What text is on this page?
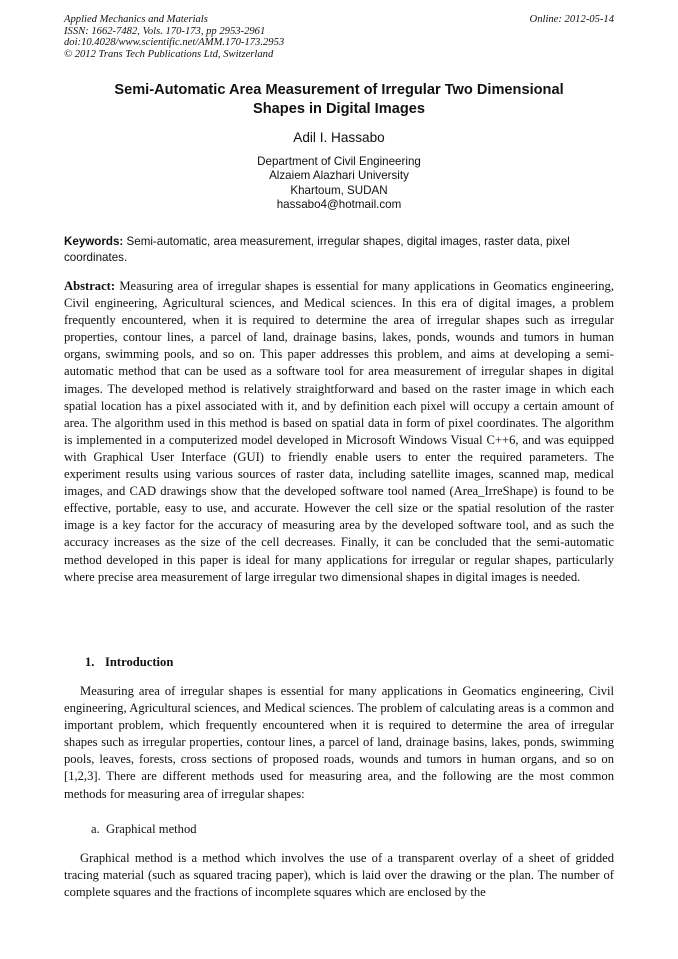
Applied Mechanics and Materials
ISSN: 1662-7482, Vols. 170-173, pp 2953-2961
doi:10.4028/www.scientific.net/AMM.170-173.2953
© 2012 Trans Tech Publications Ltd, Switzerland
Online: 2012-05-14
Semi-Automatic Area Measurement of Irregular Two Dimensional
Shapes in Digital Images
Adil I. Hassabo
Department of Civil Engineering
Alzaiem Alazhari University
Khartoum, SUDAN
hassabo4@hotmail.com
Keywords: Semi-automatic, area measurement, irregular shapes, digital images, raster data, pixel coordinates.
Abstract: Measuring area of irregular shapes is essential for many applications in Geomatics engineering, Civil engineering, Agricultural sciences, and Medical sciences. In this era of digital images, a problem frequently encountered, when it is required to determine the area of irregular shapes such as irregular properties, contour lines, a parcel of land, drainage basins, lakes, ponds, wounds and tumors in human organs, swimming pools, and so on. This paper addresses this problem, and aims at developing a semi-automatic method that can be used as a software tool for area measurement of irregular shapes in digital images. The developed method is relatively straightforward and based on the raster image in which each spatial location has a pixel associated with it, and by definition each pixel will occupy a certain amount of area. The algorithm used in this method is based on spatial data in form of pixel coordinates. The algorithm is implemented in a computerized model developed in Microsoft Windows Visual C++6, and was equipped with Graphical User Interface (GUI) to friendly enable users to enter the required parameters. The experiment results using various sources of raster data, including satellite images, scanned map, medical images, and CAD drawings show that the developed software tool named (Area_IrreShape) is found to be effective, portable, easy to use, and accurate. However the cell size or the spatial resolution of the raster image is a key factor for the accuracy of measuring area by the developed software tool, and as such the accuracy increases as the size of the cell decreases. Finally, it can be concluded that the semi-automatic method developed in this paper is ideal for many applications for irregular or regular shapes, particularly where precise area measurement of large irregular two dimensional shapes in digital images is needed.
1. Introduction
Measuring area of irregular shapes is essential for many applications in Geomatics engineering, Civil engineering, Agricultural sciences, and Medical sciences. The problem of calculating areas is a common and important problem, which frequently encountered when it is required to determine the area of irregular shapes such as irregular properties, contour lines, a parcel of land, drainage basins, lakes, ponds, swimming pools, leaves, forests, cross sections of proposed roads, wounds and tumors in human organs, and so on [1,2,3]. There are different methods used for measuring area, and the following are the most common methods for measuring area of irregular shapes:
a. Graphical method
Graphical method is a method which involves the use of a transparent overlay of a sheet of gridded tracing material (such as squared tracing paper), which is laid over the drawing or the plan. The number of complete squares and the fractions of incomplete squares which are enclosed by the
